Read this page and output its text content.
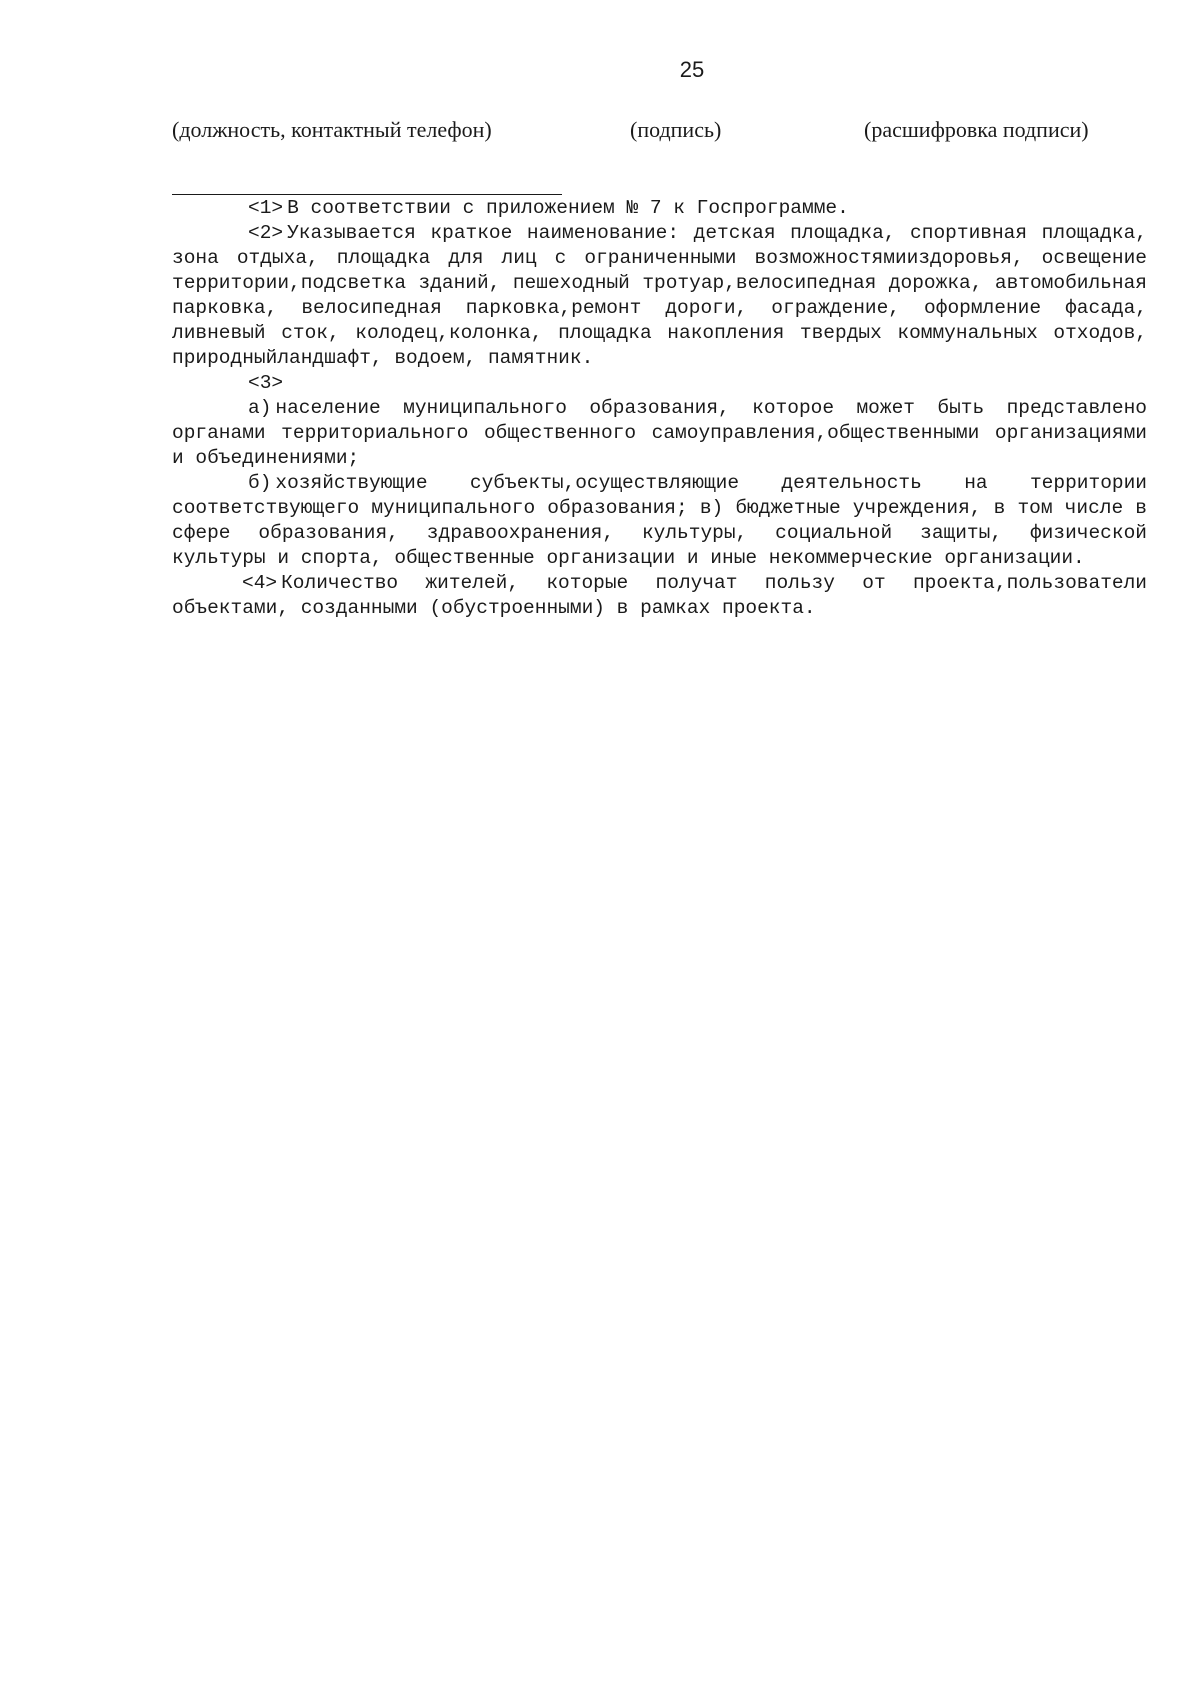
25
(должность, контактный телефон)	(подпись)	(расшифровка подписи)

<1> В соответствии с приложением № 7 к Госпрограмме.

<2> Указывается краткое наименование: детская площадка, спортивная площадка, зона отдыха, площадка для лиц с ограниченными возможностямииздоровья, освещение территории,подсветка зданий, пешеходный тротуар,велосипедная дорожка, автомобильная парковка, велосипедная парковка,ремонт дороги, ограждение, оформление фасада, ливневый сток, колодец,колонка, площадка накопления твердых коммунальных отходов, природныйландшафт, водоем, памятник.

<3>

а) население муниципального образования, которое может быть представлено органами территориального общественного самоуправления,общественными организациями и объединениями;

б) хозяйствующие субъекты,осуществляющие деятельность на территории соответствующего муниципального образования; в) бюджетные учреждения, в том числе в сфере образования, здравоохранения, культуры, социальной защиты, физической культуры и спорта, общественные организации и иные некоммерческие организации.

<4> Количество жителей, которые получат пользу от проекта,пользователи объектами, созданными (обустроенными) в рамках проекта.
